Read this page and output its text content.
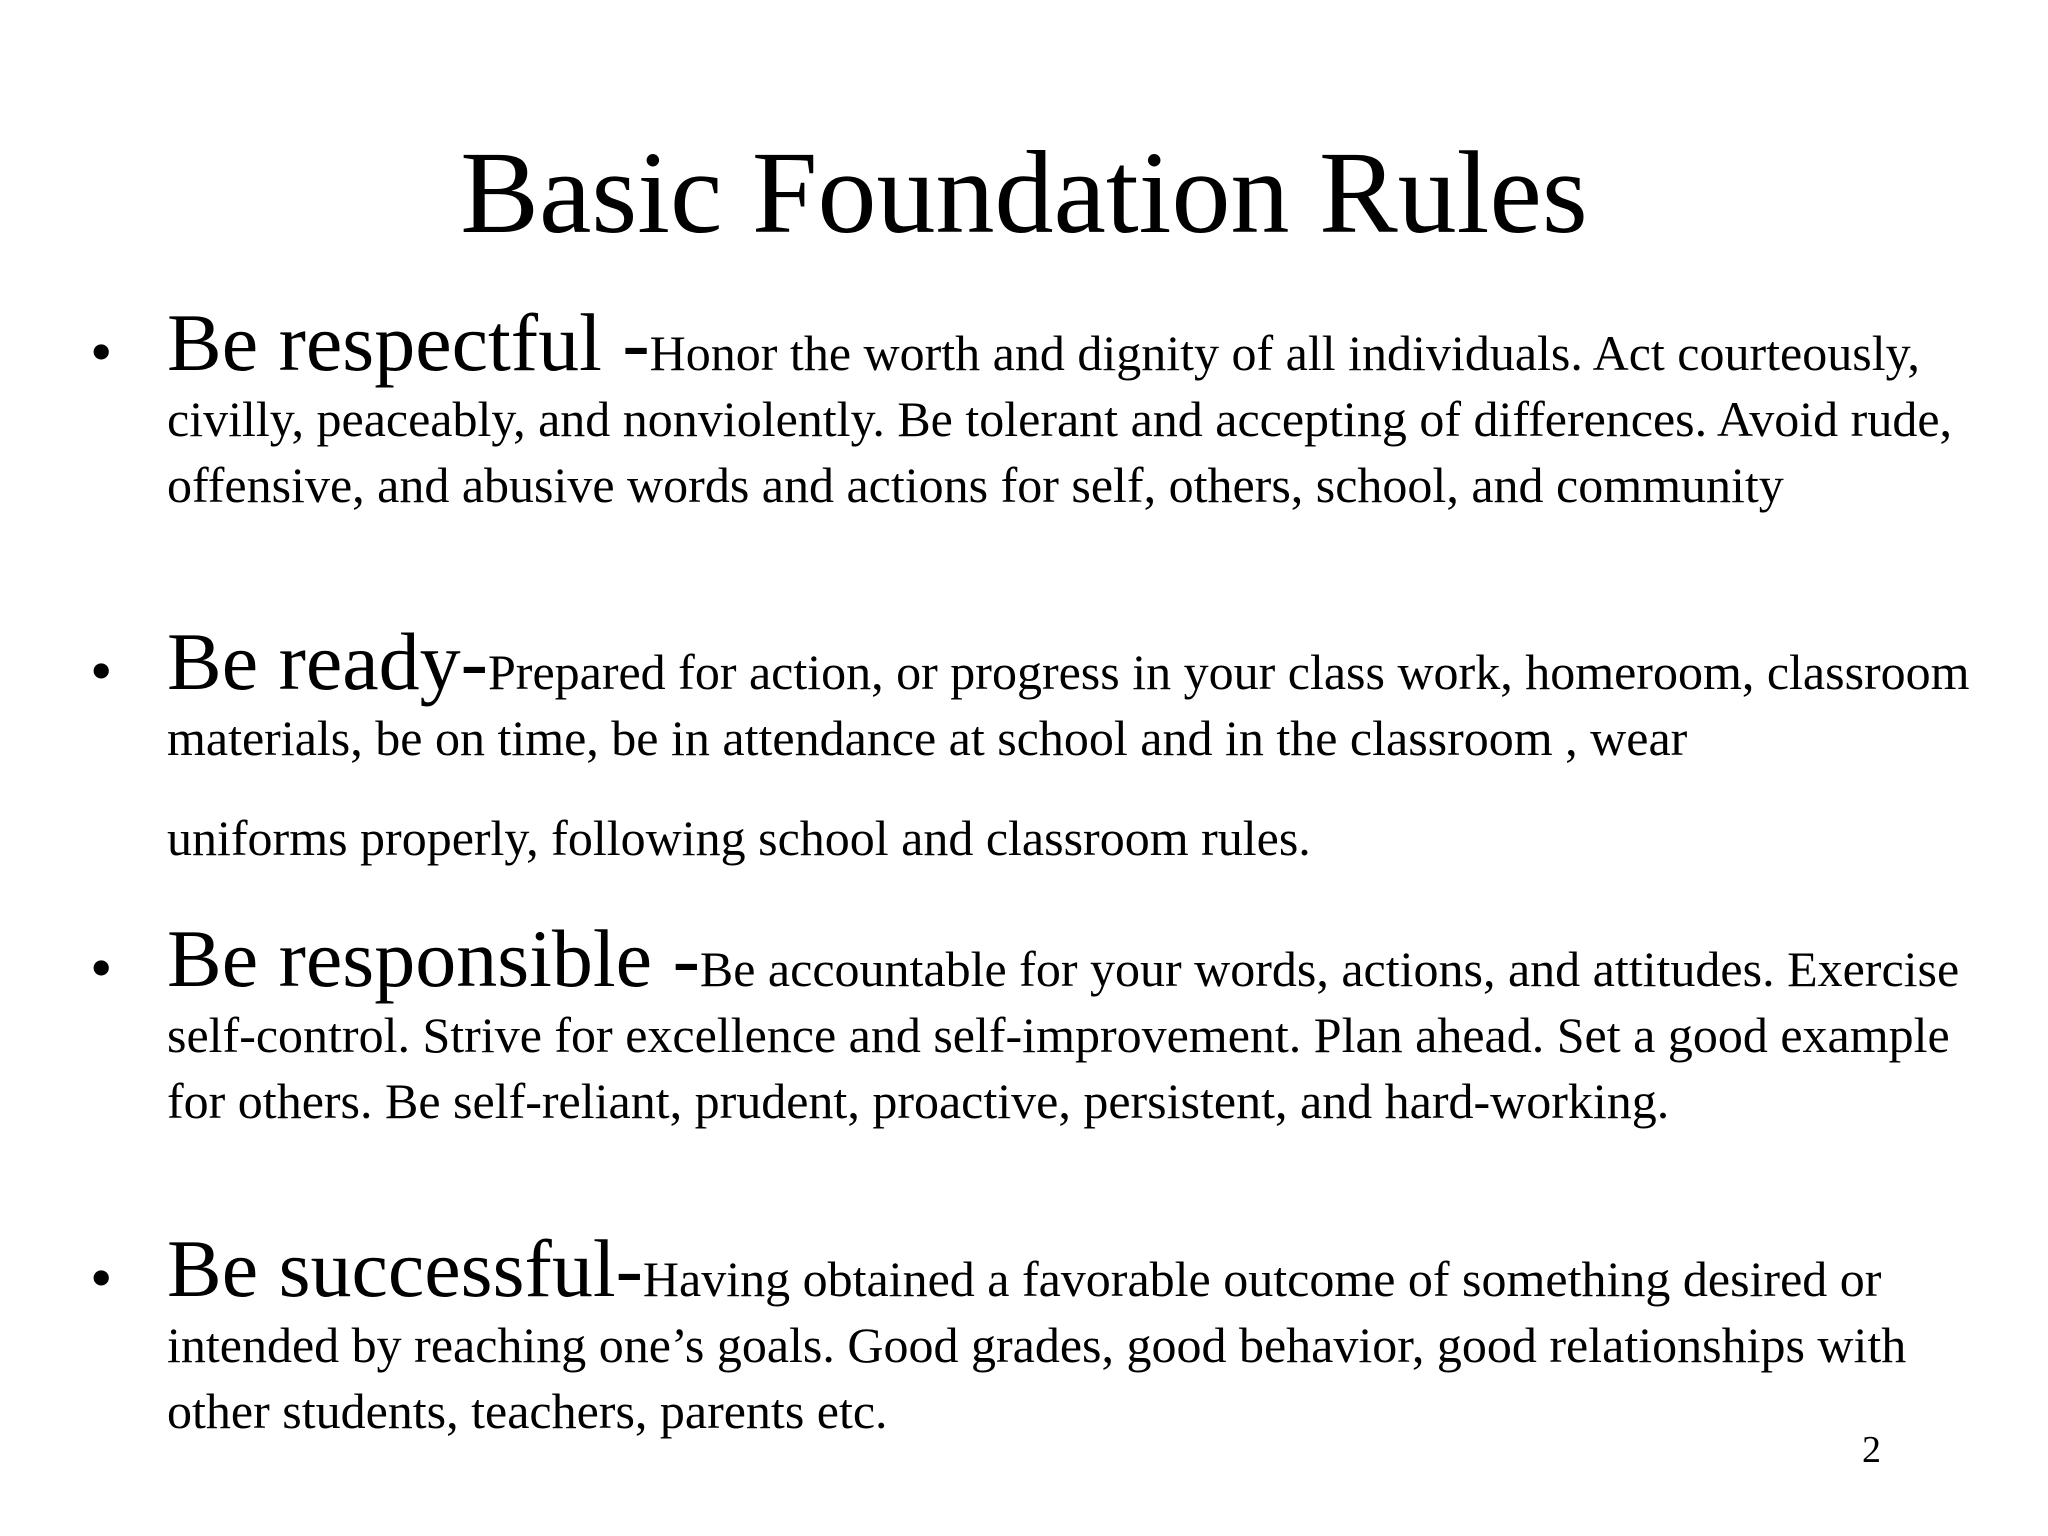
Basic Foundation Rules
• Be respectful -Honor the worth and dignity of all individuals. Act courteously, civilly, peaceably, and nonviolently. Be tolerant and accepting of differences. Avoid rude, offensive, and abusive words and actions for self, others, school, and community
• Be ready-Prepared for action, or progress in your class work, homeroom, classroom materials, be on time, be in attendance at school and in the classroom , wear
uniforms properly, following school and classroom rules.
• Be responsible -Be accountable for your words, actions, and attitudes. Exercise self-control. Strive for excellence and self-improvement. Plan ahead. Set a good example for others. Be self-reliant, prudent, proactive, persistent, and hard-working.
• Be successful-Having obtained a favorable outcome of something desired or intended by reaching one’s goals. Good grades, good behavior, good relationships with other students, teachers, parents etc.
2
